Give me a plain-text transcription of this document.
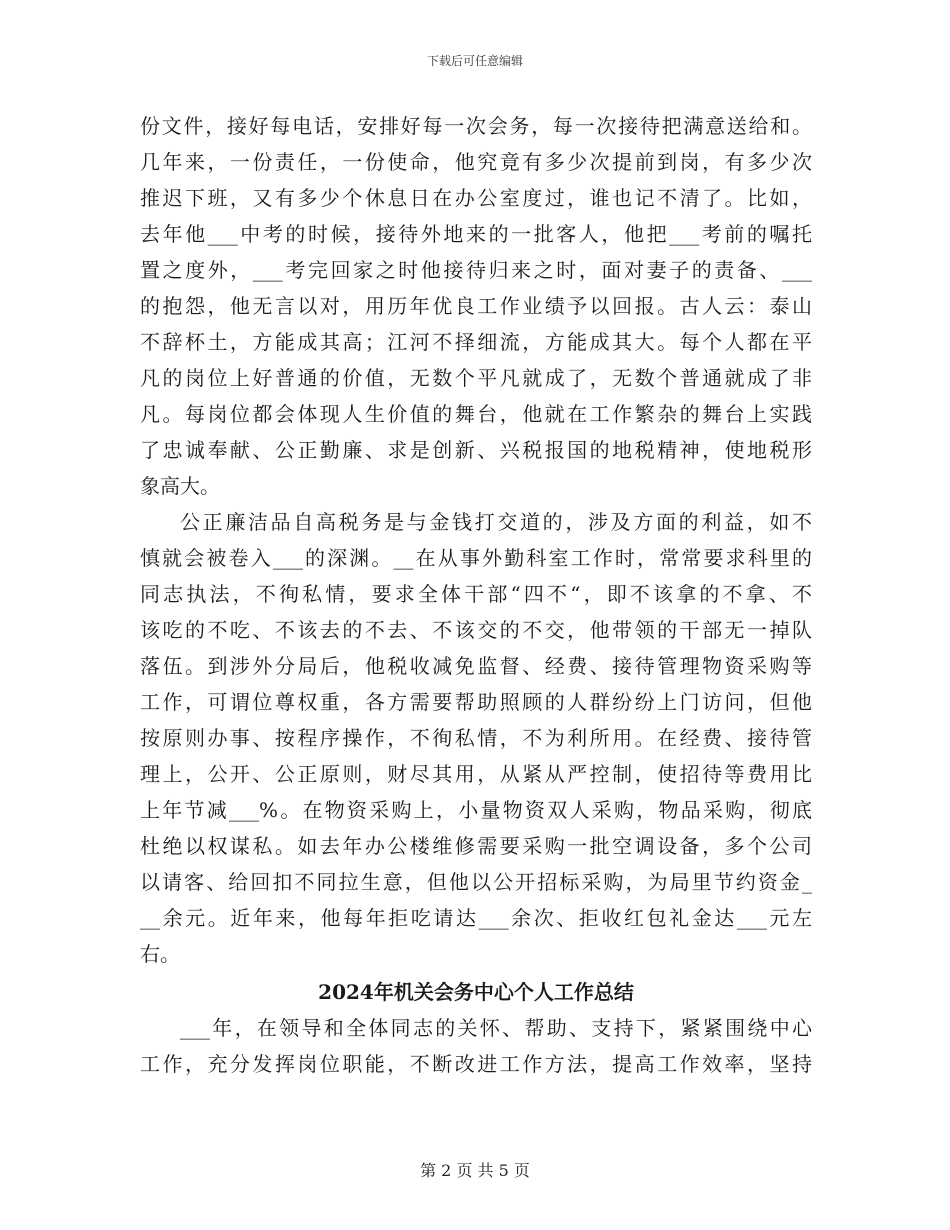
下载后可任意编辑
份文件，接好每电话，安排好每一次会务，每一次接待把满意送给和。
几年来，一份责任，一份使命，他究竟有多少次提前到岗，有多少次
推迟下班，又有多少个休息日在办公室度过，谁也记不清了。比如，
去年他___中考的时候，接待外地来的一批客人，他把___考前的嘱托
置之度外，___考完回家之时他接待归来之时，面对妻子的责备、___
的抱怨，他无言以对，用历年优良工作业绩予以回报。古人云：泰山
不辞杯土，方能成其高；江河不择细流，方能成其大。每个人都在平
凡的岗位上好普通的价值，无数个平凡就成了，无数个普通就成了非
凡。每岗位都会体现人生价值的舞台，他就在工作繁杂的舞台上实践
了忠诚奉献、公正勤廉、求是创新、兴税报国的地税精神，使地税形
象高大。
公正廉洁品自高税务是与金钱打交道的，涉及方面的利益，如不
慎就会被卷入___的深渊。__在从事外勤科室工作时，常常要求科里的
同志执法，不徇私情，要求全体干部“四不“，即不该拿的不拿、不
该吃的不吃、不该去的不去、不该交的不交，他带领的干部无一掉队
落伍。到涉外分局后，他税收减免监督、经费、接待管理物资采购等
工作，可谓位尊权重，各方需要帮助照顾的人群纷纷上门访问，但他
按原则办事、按程序操作，不徇私情，不为利所用。在经费、接待管
理上，公开、公正原则，财尽其用，从紧从严控制，使招待等费用比
上年节减___%。在物资采购上，小量物资双人采购，物品采购，彻底
杜绝以权谋私。如去年办公楼维修需要采购一批空调设备，多个公司
以请客、给回扣不同拉生意，但他以公开招标采购，为局里节约资金_
__余元。近年来，他每年拒吃请达___余次、拒收红包礼金达___元左
右。
2024年机关会务中心个人工作总结
___年，在领导和全体同志的关怀、帮助、支持下，紧紧围绕中心
工作，充分发挥岗位职能，不断改进工作方法，提高工作效率，坚持
第 2 页 共 5 页
